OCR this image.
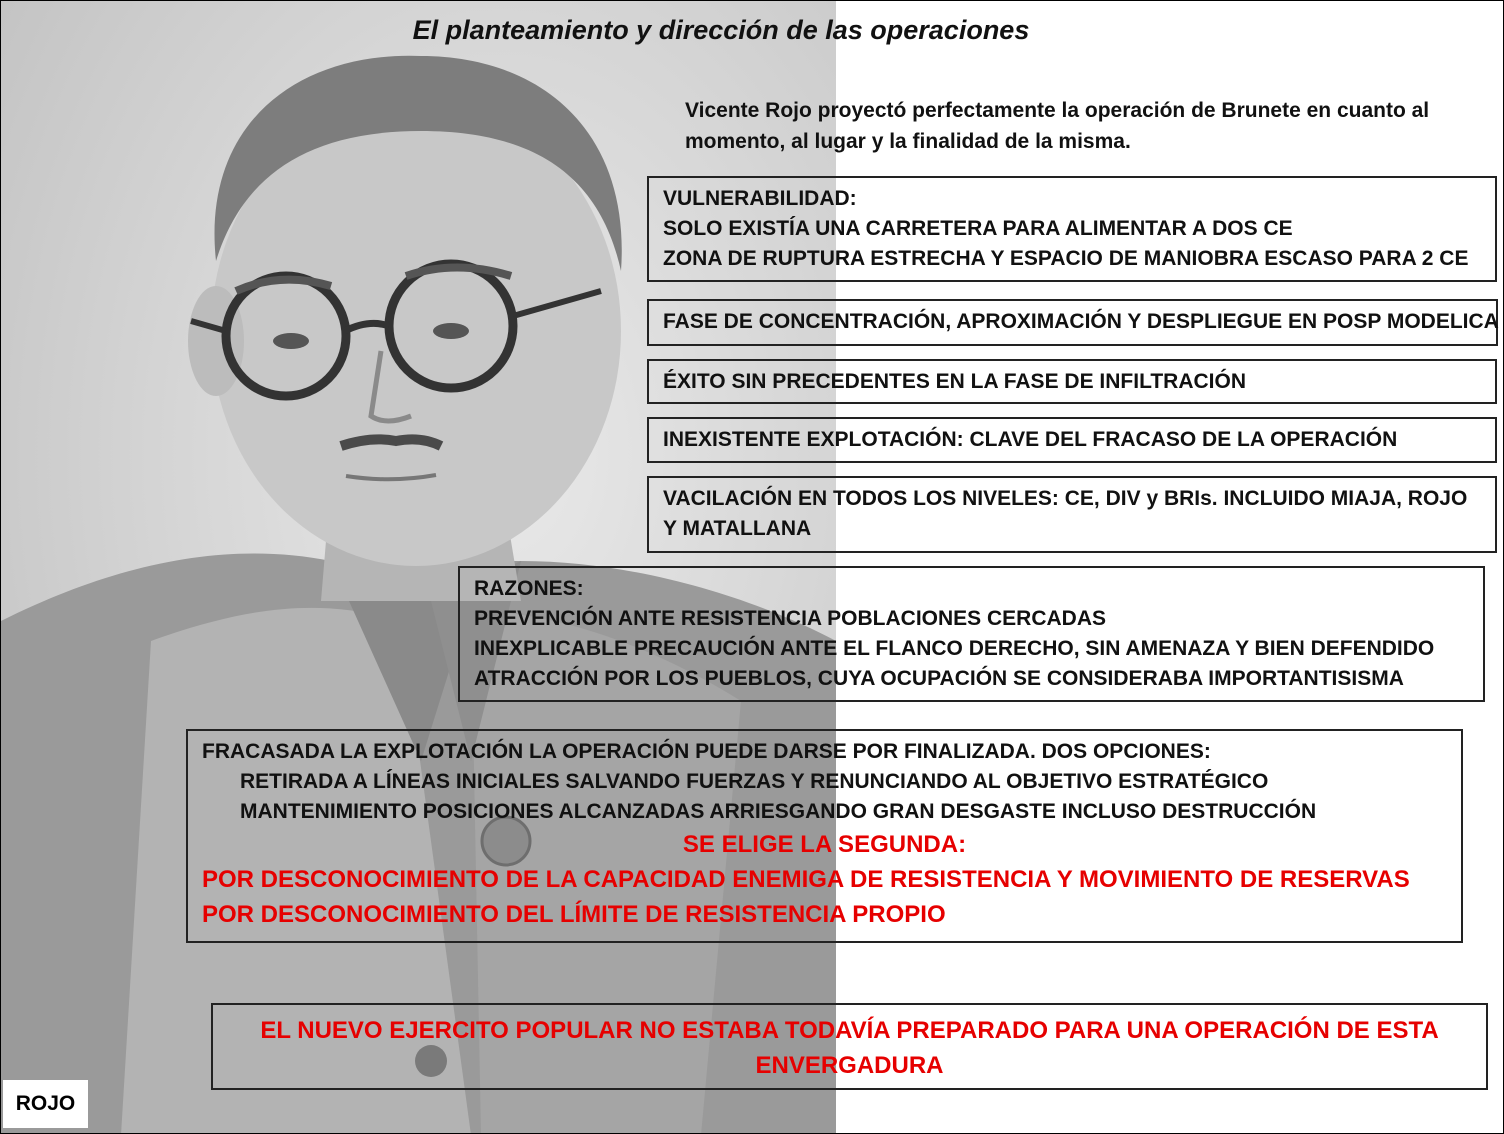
El planteamiento y dirección de las operaciones
Vicente Rojo proyectó perfectamente la operación de Brunete en cuanto al momento, al lugar y la finalidad de la misma.
VULNERABILIDAD:
SOLO EXISTÍA UNA CARRETERA PARA ALIMENTAR A DOS CE
ZONA DE RUPTURA ESTRECHA Y ESPACIO DE MANIOBRA ESCASO PARA 2 CE
FASE DE CONCENTRACIÓN, APROXIMACIÓN Y DESPLIEGUE EN POSP MODELICA
ÉXITO SIN PRECEDENTES EN LA FASE DE INFILTRACIÓN
INEXISTENTE EXPLOTACIÓN: CLAVE DEL FRACASO DE LA OPERACIÓN
VACILACIÓN EN TODOS LOS NIVELES: CE, DIV y BRIs. INCLUIDO MIAJA, ROJO Y MATALLANA
RAZONES:
PREVENCIÓN ANTE RESISTENCIA POBLACIONES CERCADAS
INEXPLICABLE PRECAUCIÓN ANTE EL FLANCO DERECHO, SIN AMENAZA Y BIEN DEFENDIDO
ATRACCIÓN POR LOS PUEBLOS, CUYA OCUPACIÓN SE CONSIDERABA IMPORTANTISISMA
FRACASADA LA EXPLOTACIÓN LA OPERACIÓN PUEDE DARSE POR FINALIZADA. DOS OPCIONES:
RETIRADA A LÍNEAS INICIALES SALVANDO FUERZAS Y RENUNCIANDO AL OBJETIVO ESTRATÉGICO
MANTENIMIENTO POSICIONES ALCANZADAS ARRIESGANDO GRAN DESGASTE INCLUSO DESTRUCCIÓN
SE ELIGE LA SEGUNDA:
POR DESCONOCIMIENTO DE LA CAPACIDAD ENEMIGA DE RESISTENCIA Y MOVIMIENTO DE RESERVAS
POR DESCONOCIMIENTO DEL LÍMITE DE RESISTENCIA PROPIO
EL NUEVO EJERCITO POPULAR NO ESTABA TODAVÍA PREPARADO PARA UNA OPERACIÓN DE ESTA ENVERGADURA
ROJO
